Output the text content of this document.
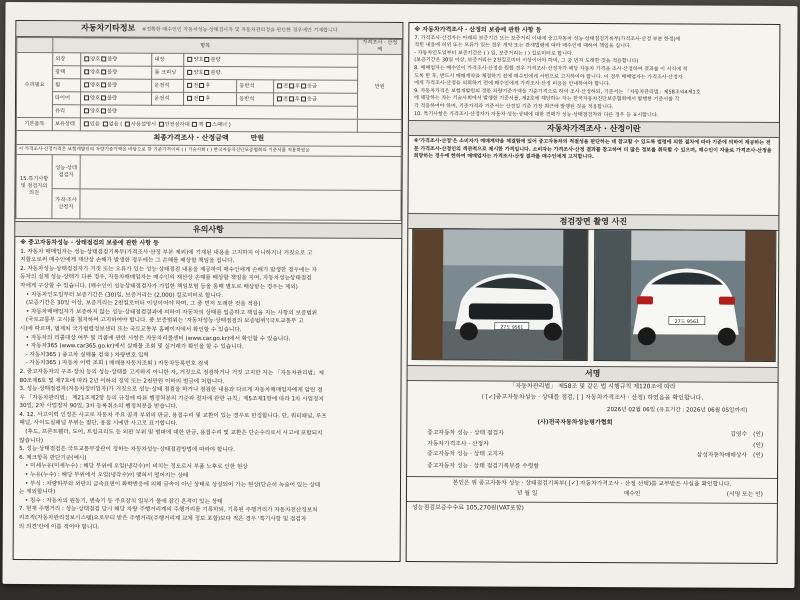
자동차기타정보 ※정확한 매수인인 자동차성능·상태검사자 및 자동차관리정을 판단한 경우에만 기재합니다
	항목						가격조사 · 산정액
수리필요	외장	양호 불량	내장	양호 불량			만원
	광택	양호 불량	룸 크리닝	양호 불량			
	휠	양호 불량	운전석	전 후	동반석	전 후 응급	
	타이어	양호 불량	운전석	전 후	동반석	전 후 응급	
	유리	양호 불량					
기본품목	보유상태	있음 없음 ( 사용설명서 안전삼각대 잭 스패너 )					
최종가격조사 · 산정금액 만원							
이 가격조사·산정가격은 보험개발원의 차량기준가액을 바탕으로 한 기준가격이며 ( ) 기술사회 ( ) 한국자동차진단보증협회의 기준서를 적용하였음							
15.특기사항 및 점검자의 의견	성능·상태 점검자						
	가격·조사 산정자						
유의사항

※ 중고자동차성능 · 상태점검의 보증에 관한 사항 등

1. 자동차 매매업자는 성능·상태점검기록부(가격조사·산정 부분 제외)에 기재된 내용을 고지하지 아니하거나 거짓으로 고

지함으로써 매수인에게 재산상 손해가 발생한 경우에는 그 손해를 배상할 책임을 집니다.

2. 자동차성능·상태점검자가 거짓 또는 오류가 있는 성능·상태점검 내용을 제공하여 매수인에게 손해가 발생한 경우에는 자

동차의 실제 성능·상태가 다른 경우, 자동차매매업자는 매수인의 재산상 손해를 배상할 책임을 지며, 자동차성능상태점검

자에게 구상할 수 있습니다. (매수인이 성능상태점검자가 가입한 책임보험 등을 통해 별도로 배상받는 경우는 제외)

• 자동차인도일부터 보증기간은 (30)일, 보증거리는 (2,000) 킬로미터로 합니다.

(보증기간은 30일 이상, 보증거리는 2천킬로미터 이상이어야 하며, 그 중 먼저 도래한 것을 적용)

• 자동차매매업자가 보증하지 않는 성능·상태점검결과에 의하여 자동차의 상태를 입증하고 책임을 지는 사항의 보증범위

(국토교통부 고시)를 철저하여 고지하여야 합니다. 중 보증범위는 '자동차성능·상태점검의 보증범위'(국토교통부 고

시)에 따르며, 법제처 국가법령정보센터 또는 국토교통부 홈페이지에서 확인할 수 있습니다.

• 자동차의 리콜대상 여부 및 리콜에 관한 사항은 자동차리콜센터 (www.car.go.kr)에서 확인할 수 있습니다.

• 자동차365 (www.car365.go.kr)에서 실매물 조회 및 실거래가 확인을 할 수 있습니다.

- 자동차365 ) 중고차 실매물 검색 ) 차량번호 입력

- 자동차365 ) 자동차 이력 조회 ) 매매용자동차조회 ) 자동차등록번호 검색

2. 중고자동차의 구조·장치 등의 성능·상태를 고지하지 아니한 자, 거짓으로 점검하거나 거짓 고지한 자는 「자동차관리법」제

80조제6호 및 제7호에 따라 2년 이하의 징역 또는 2천만원 이하의 벌금에 처합니다.

3. 성능·상태점검자(자동차정비업자)가 거짓으로 성능·상태 점검을 하거나 점검한 내용과 다르게 자동차매매업자에게 알린 경

우 「자동차관리법」 제21조제2항 등의 규정에 따른 행정처분의 기준과 절차에 관한 규칙」제5조제1항에 따라 1차 사업정지

30일, 2차 사업정지 90일, 3차 등록취소의 행정처분을 받습니다.

4. 12. 사고이력 인정은 사고로 자동차 주요 골격 부위의 판금, 용접수리 및 교환이 있는 경우로 한정합니다. 단, 쿼터패널, 루프

패널, 사이드실패널 부위는 절단, 용접 시에만 사고로 표기합니다.

(후드, 프론트휀더, 도어, 트렁크리드 등 외판 부위 및 범퍼에 대한 판금, 용접수리 및 교환은 단순수리로서 사고에 포함되지

않습니다)

5. 성능·상태점검은 국토교통부장관이 정하는 자동차성능·상태점검방법에 따라야 합니다.

6. 체크항목 판단기준(예시)

• 미세누유(미세누수) : 해당 부위에 오일(냉각수)이 비치는 정도로서 부품 노후로 인한 현상

• 누유(누수) : 해당 부위에서 오일(냉각수)이 맺혀서 떨어지는 상태

• 부식 : 차량하부와 외판의 금속표면이 화학반응에 의해 금속이 아닌 상태로 상실되어 가는 현상(단순히 녹슬어 있는 상태

는 제외합니다)

• 침수 : 자동차의 원동기, 변속기 등 주요장치 일부가 물에 잠긴 흔적이 있는 상태

7. 현재 주행거리 : 성능·상태점검 당시 해당 차량 주행거리계의 주행거리를 기록하되, 기록된 주행거리가 자동차전산정보처

리조직(자동차관리정보시스템)으로부터 받은 주행거리(주행거리계 교체 정보 포함)보다 적은 경우 '특기사항 및 점검자

의 의견'란에 이를 적어야 합니다.

※ 자동차가격조사 · 산정의 보증에 관한 사항 등

7. 가격조사·산정자는 아래의 보증기간 또는 보증거리 이내에 중고자동차 성능·상태점검기록부(가격조사·산정 부분 한정)에

적힌 내용에 허위 또는 오류가 있는 경우 계약 또는 관계법령에 따라 매수인에 대하여 책임을 집니다.

- 자동차인도일부터 보증기간은 ( ) 일, 보증거리는 ( ) 킬로미터로 합니다.

(보증기간은 30일 이상, 보증거리는 2천킬로미터 이상이어야 하며, 그 중 먼저 도래한 것을 적용합니다)

8. 매매업자는 매수인이 가격조사·산정을 원할 경우 가격조사·산정자가 해당 자동차 가격을 조사·산정하여 결과를 이 서식에 적

도록 한 후, 반드시 매매계약을 체결하기 전에 매수인에게 서면으로 고지하여야 합니다. 이 경우 매매업자는 가격조사·산정자

에게 가격조사·산정을 의뢰하기 전에 매수인에게 가격조사·산정 비용을 안내하여야 합니다.

9. 자동차가격은 보험개발원의 정한 차량기준가액을 기준가격으로 하여 조사·산정하되, 기준서는 「자동차관리법」제58조의4제1호

에 해당하는 자는 기술사회에서 발행한 기준서를, 제2호에 해당하는 자는 한국자동차진단보증협회에서 발행한 기준서를 각

각 적용하여야 하며, 기준가격과 기준서는 산정일 기준 가장 최근에 발행된 것을 적용합니다.

10. 특기사항은 가격조사·산정자가 자동차 성능·상태에 대한 견해가 성능·상태점검자와 다른 경우 등 표시합니다.

자동차가격조사 · 산정이란
※'가격조사·산정'은 소비자가 매매계약을 체결함에 있어 중고자동차의 적절성을 판단하는 데 참고할 수 있도록 법령에 의한 절차에 따라 기준에 의하여 제공하는 전문 가격조사·산정인의 객관적으로 제시한 가격입니다. 소비자는 가격조사·산정 결과를 참고하여 더 많은 정보를 취득할 수 있으며, 매수인이 자율로 가격조사·산정을 희망하는 경우에 한하여 매매업자는 가격조사·산정 결과를 매수인에게 고지합니다.
점검장면 촬영 사진
27도 9561
27도 9561
서명
「자동차관리법」 제58조 및 같은 법 시행규칙 제120조에 따라
( [✓]중고자동차성능 · 상태를 점검, [ ] 자동차가격조사 · 산정) 하였음을 확인합니다.
2026년 02월 06일 (유효기간 : 2026년 06월 05일까지)
(사)전국자동차성능평가협회
중고자동차 성능 · 상태 점검자	김영수 (인)
자동차가격조사 · 산정자	(인)
중고자동차 성능 · 상태 고지자	삼성자동차매매상사 (인)
중고자동차 성능 · 상태 점검기록부를 수령함
본인은 위 중고자동차 성능 · 상태점검기록부( [✓] 자동차가격조사 · 산정 선택)를 교부받은 사실을 확인합니다.
년 월 일	매수인	(서명 또는 인)
성능점검보증수수료 105,270원(VAT포함)
